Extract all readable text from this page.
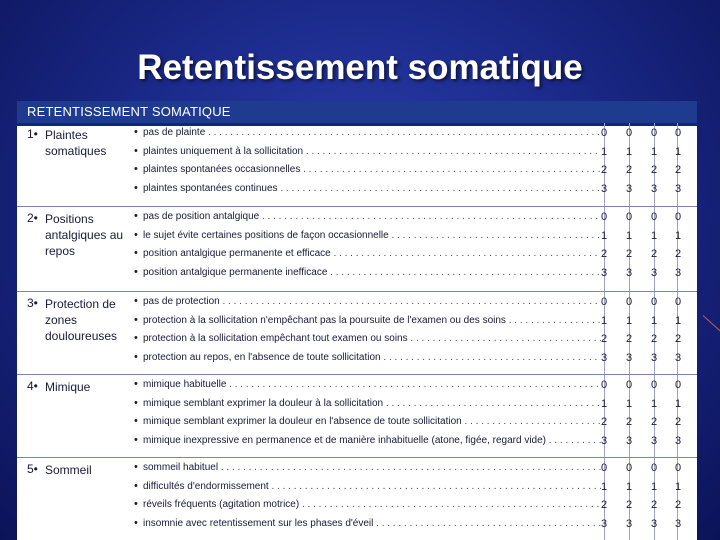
Retentissement somatique
RETENTISSEMENT SOMATIQUE
1• Plaintes somatiques
• pas de plainte . . .	0	0	0	0
• plaintes uniquement à la sollicitation . . .	1	1	1	1
• plaintes spontanées occasionnelles . . .	2	2	2	2
• plaintes spontanées continues . . .	3	3	3	3
2• Positions antalgiques au repos
• pas de position antalgique . . .	0	0	0	0
• le sujet évite certaines positions de façon occasionnelle . . .	1	1	1	1
• position antalgique permanente et efficace . . .	2	2	2	2
• position antalgique permanente inefficace . . .	3	3	3	3
3• Protection de zones douloureuses
• pas de protection . . .	0	0	0	0
• protection à la sollicitation n'empêchant pas la poursuite de l'examen ou des soins . . .	1	1	1	1
• protection à la sollicitation empêchant tout examen ou soins . . .	2	2	2	2
• protection au repos, en l'absence de toute sollicitation . . .	3	3	3	3
4• Mimique	• mimique habituelle . . .	0	0	0	0
• mimique semblant exprimer la douleur à la sollicitation . . .	1	1	1	1
• mimique semblant exprimer la douleur en l'absence de toute sollicitation . . .	2	2	2	2
• mimique inexpressive en permanence et de manière inhabituelle (atone, figée, regard vide) . . .	3	3	3	3
5• Sommeil	• sommeil habituel . . .	0	0	0	0
• difficultés d'endormissement . . .	1	1	1	1
• réveils fréquents (agitation motrice) . . .	2	2	2	2
• insomnie avec retentissement sur les phases d'éveil . . .	3	3	3	3
